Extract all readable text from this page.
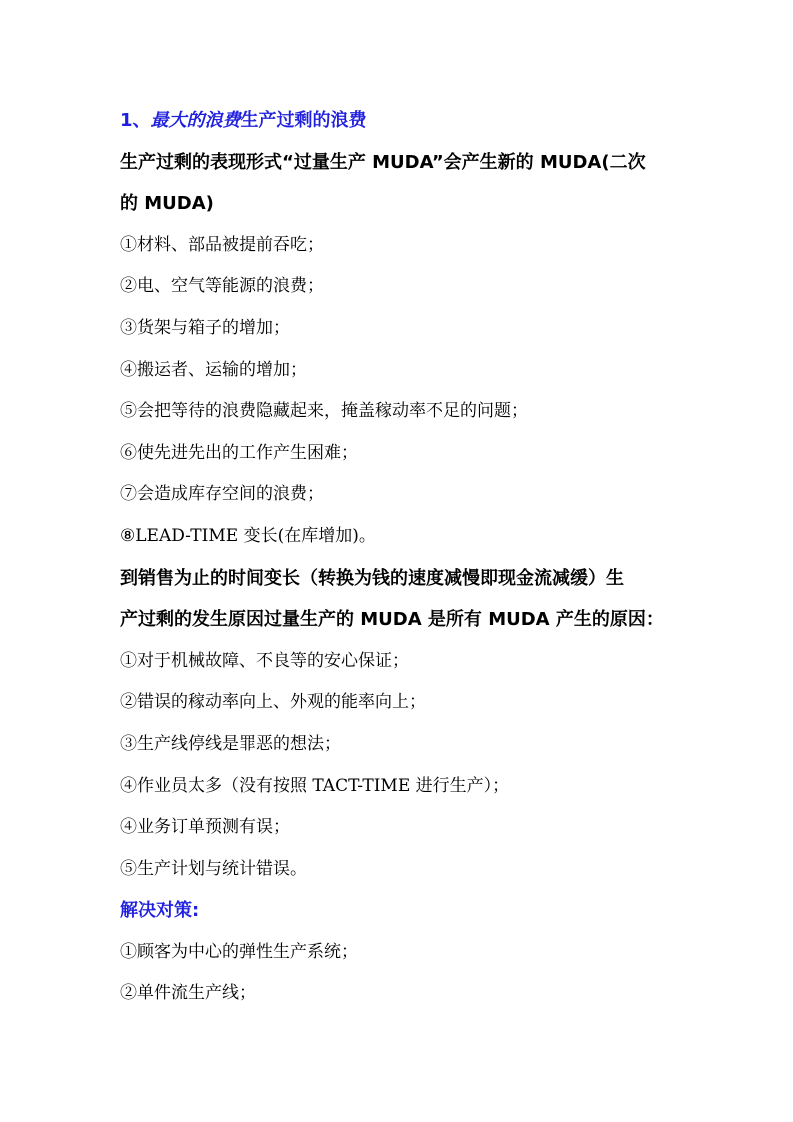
1、最大的浪费生产过剩的浪费
生产过剩的表现形式“过量生产 MUDA”会产生新的 MUDA(二次
的 MUDA)
①材料、部品被提前吞吃；
②电、空气等能源的浪费；
③货架与箱子的增加；
④搬运者、运输的增加；
⑤会把等待的浪费隐藏起来，掩盖稼动率不足的问题；
⑥使先进先出的工作产生困难；
⑦会造成库存空间的浪费；
⑧LEAD-TIME 变长(在库增加)。
到销售为止的时间变长（转换为钱的速度减慢即现金流减缓）生
产过剩的发生原因过量生产的 MUDA 是所有 MUDA 产生的原因：
①对于机械故障、不良等的安心保证；
②错误的稼动率向上、外观的能率向上；
③生产线停线是罪恶的想法；
④作业员太多（没有按照 TACT-TIME 进行生产）；
④业务订单预测有误；
⑤生产计划与统计错误。
解决对策:
①顾客为中心的弹性生产系统；
②单件流生产线；
